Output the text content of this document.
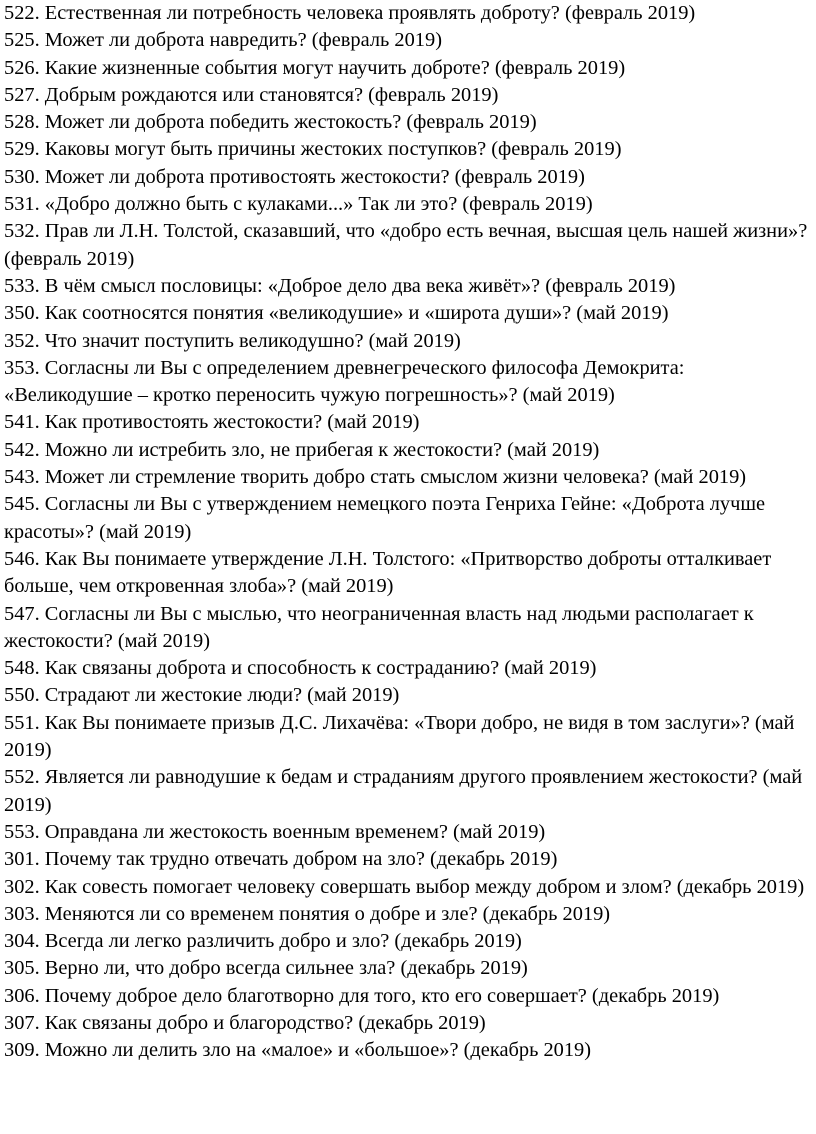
522. Естественная ли потребность человека проявлять доброту? (февраль 2019)
525. Может ли доброта навредить? (февраль 2019)
526. Какие жизненные события могут научить доброте? (февраль 2019)
527. Добрым рождаются или становятся? (февраль 2019)
528. Может ли доброта победить жестокость? (февраль 2019)
529. Каковы могут быть причины жестоких поступков? (февраль 2019)
530. Может ли доброта противостоять жестокости? (февраль 2019)
531. «Добро должно быть с кулаками...» Так ли это? (февраль 2019)
532. Прав ли Л.Н. Толстой, сказавший, что «добро есть вечная, высшая цель нашей жизни»? (февраль 2019)
533. В чём смысл пословицы: «Доброе дело два века живёт»? (февраль 2019)
350. Как соотносятся понятия «великодушие» и «широта души»? (май 2019)
352. Что значит поступить великодушно? (май 2019)
353. Согласны ли Вы с определением древнегреческого философа Демокрита: «Великодушие – кротко переносить чужую погрешность»? (май 2019)
541. Как противостоять жестокости? (май 2019)
542. Можно ли истребить зло, не прибегая к жестокости? (май 2019)
543. Может ли стремление творить добро стать смыслом жизни человека? (май 2019)
545. Согласны ли Вы с утверждением немецкого поэта Генриха Гейне: «Доброта лучше красоты»? (май 2019)
546. Как Вы понимаете утверждение Л.Н. Толстого: «Притворство доброты отталкивает больше, чем откровенная злоба»? (май 2019)
547. Согласны ли Вы с мыслью, что неограниченная власть над людьми располагает к жестокости? (май 2019)
548. Как связаны доброта и способность к состраданию? (май 2019)
550. Страдают ли жестокие люди? (май 2019)
551. Как Вы понимаете призыв Д.С. Лихачёва: «Твори добро, не видя в том заслуги»? (май 2019)
552. Является ли равнодушие к бедам и страданиям другого проявлением жестокости? (май 2019)
553. Оправдана ли жестокость военным временем? (май 2019)
301. Почему так трудно отвечать добром на зло? (декабрь 2019)
302. Как совесть помогает человеку совершать выбор между добром и злом? (декабрь 2019)
303. Меняются ли со временем понятия о добре и зле? (декабрь 2019)
304. Всегда ли легко различить добро и зло? (декабрь 2019)
305. Верно ли, что добро всегда сильнее зла? (декабрь 2019)
306. Почему доброе дело благотворно для того, кто его совершает? (декабрь 2019)
307. Как связаны добро и благородство? (декабрь 2019)
309. Можно ли делить зло на «малое» и «большое»? (декабрь 2019)
